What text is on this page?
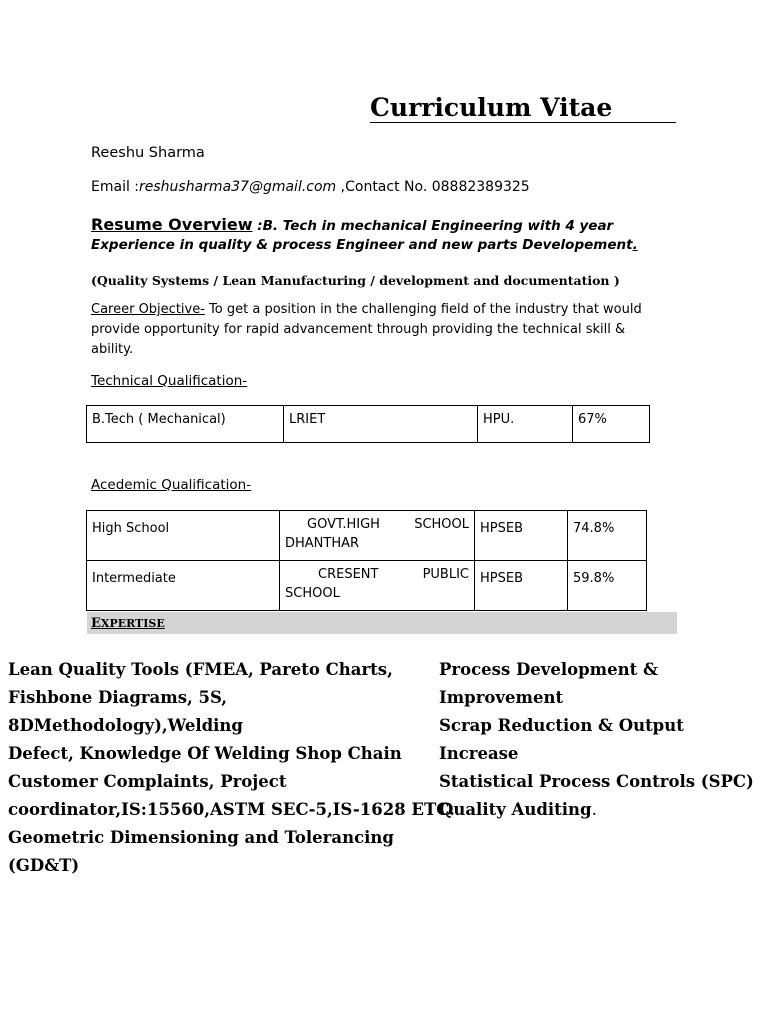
Curriculum Vitae
Reeshu Sharma
Email :reshusharma37@gmail.com ,Contact No. 08882389325
Resume Overview :B. Tech in mechanical Engineering with 4 year Experience in quality & process Engineer and new parts Developement.
(Quality Systems / Lean Manufacturing / development and documentation )
Career Objective- To get a position in the challenging field of the industry that would provide opportunity for rapid advancement through providing the technical skill & ability.
Technical Qualification-
B.Tech ( Mechanical)	LRIET	HPU.	67%
Acedemic Qualification-
High School	GOVT.HIGH SCHOOL
DHANTHAR	HPSEB	74.8%
Intermediate	CRESENT PUBLIC
SCHOOL	HPSEB	59.8%
EXPERTISE
Lean Quality Tools (FMEA, Pareto Charts,
Fishbone Diagrams, 5S,
8DMethodology),Welding
Defect, Knowledge Of Welding Shop Chain
Customer Complaints, Project
coordinator,IS:15560,ASTM SEC-5,IS-1628 ETC.
Geometric Dimensioning and Tolerancing
(GD&T)
Process Development &
Improvement
Scrap Reduction & Output
Increase
Statistical Process Controls (SPC)
Quality Auditing.
